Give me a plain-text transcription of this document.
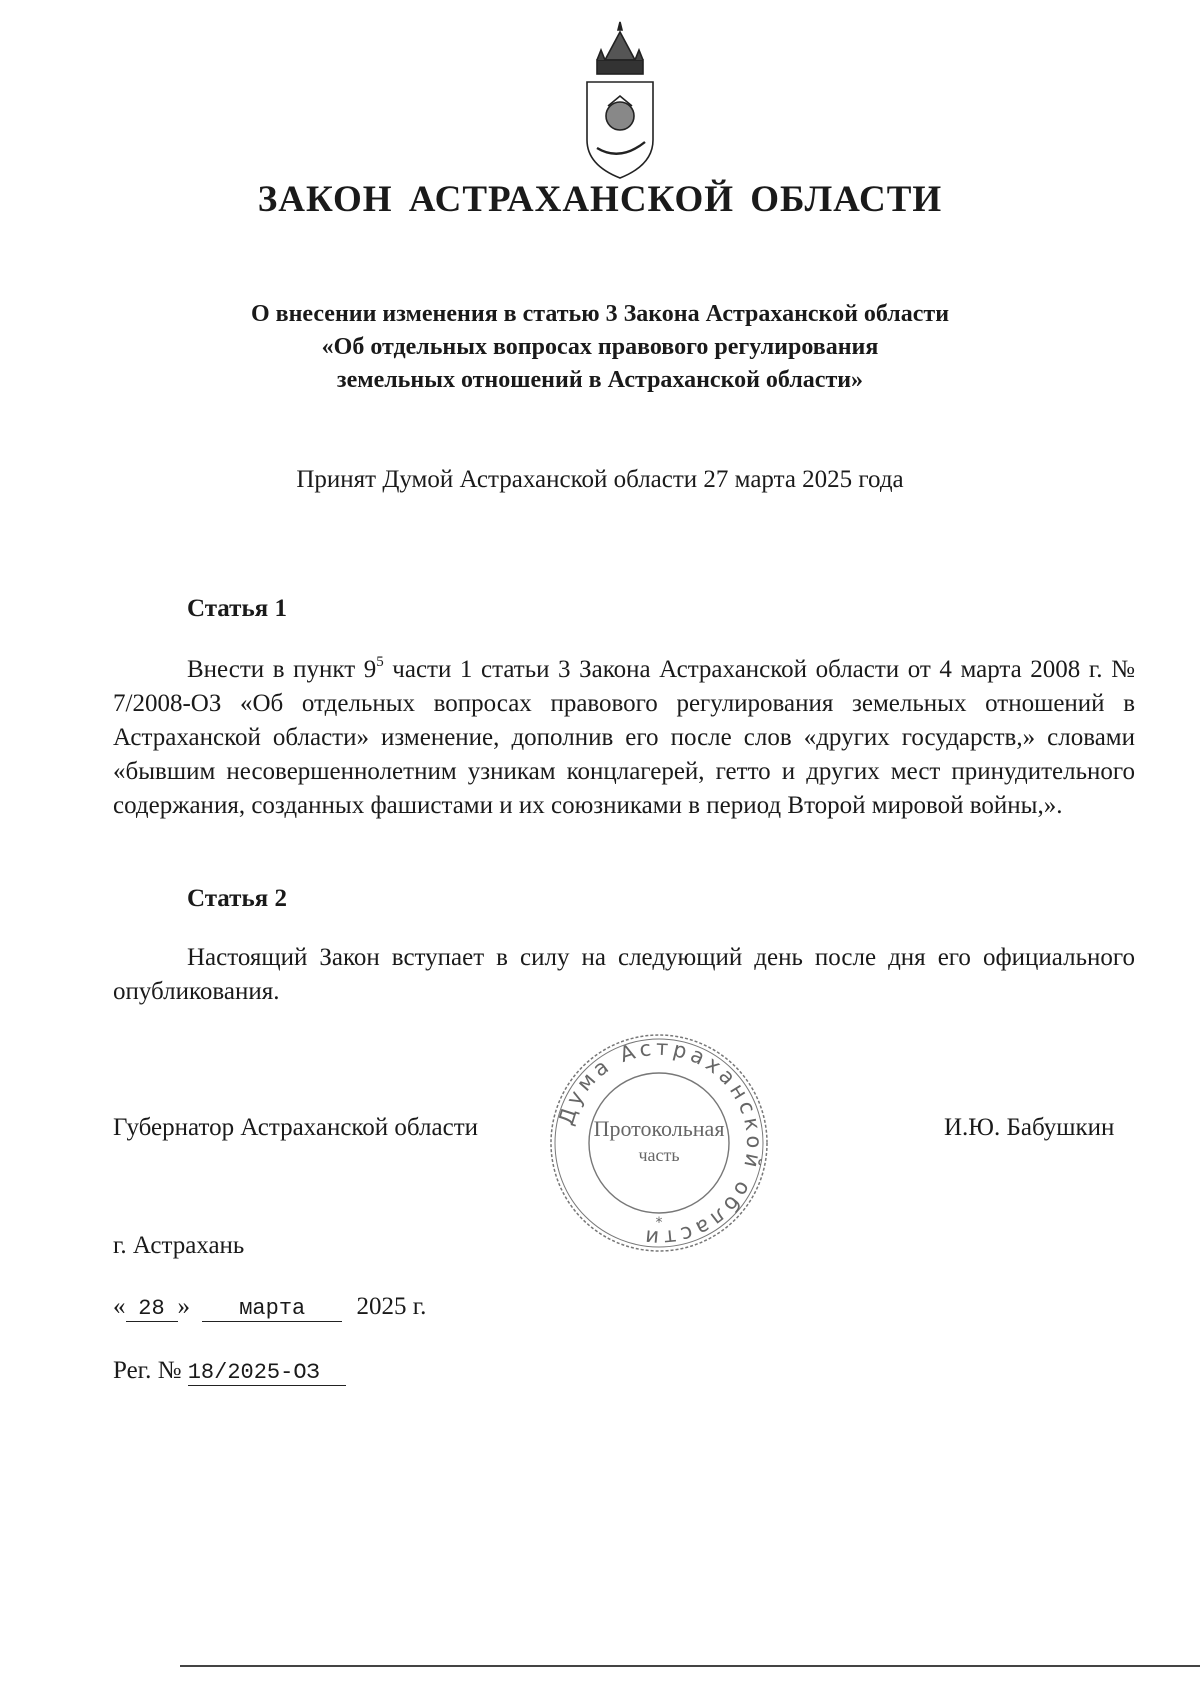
ЗАКОН АСТРАХАНСКОЙ ОБЛАСТИ
О внесении изменения в статью 3 Закона Астраханской области
«Об отдельных вопросах правового регулирования
земельных отношений в Астраханской области»
Принят Думой Астраханской области 27 марта 2025 года
Статья 1
Внести в пункт $9^5$ части 1 статьи 3 Закона Астраханской области от 4 марта 2008 г. № 7/2008-ОЗ «Об отдельных вопросах правового регулирования земельных отношений в Астраханской области» изменение, дополнив его после слов «других государств,» словами «бывшим несовершеннолетним узникам концлагерей, гетто и других мест принудительного содержания, созданных фашистами и их союзниками в период Второй мировой войны,».
Статья 2
Настоящий Закон вступает в силу на следующий день после дня его официального опубликования.
Губернатор Астраханской области	И.Ю. Бабушкин
Дума Астраханской области
Протокольная
часть
*
г. Астрахань
« 28 » марта 2025 г.
Рег. № 18/2025-ОЗ
